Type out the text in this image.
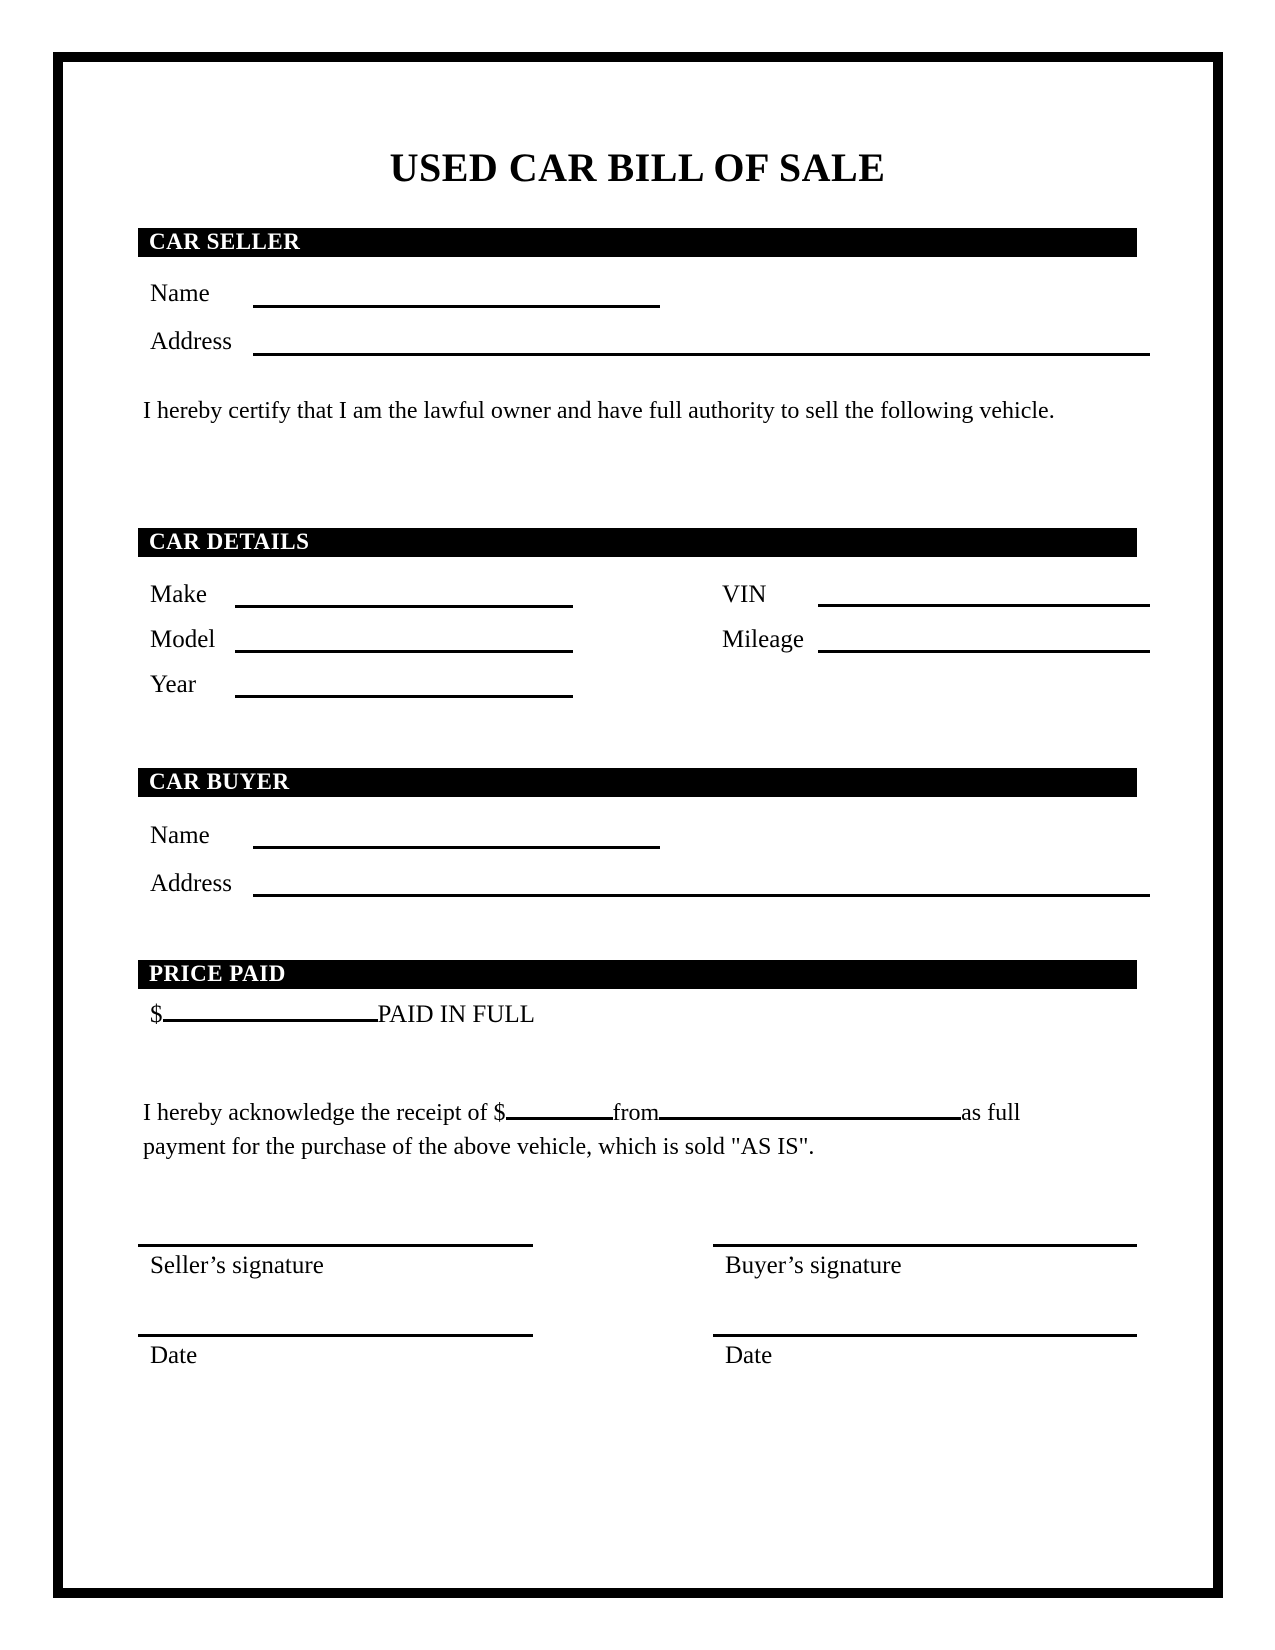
USED CAR BILL OF SALE
CAR SELLER
Name
Address
I hereby certify that I am the lawful owner and have full authority to sell the following vehicle.
CAR DETAILS
Make
Model
Year
VIN
Mileage
CAR BUYER
Name
Address
PRICE PAID
$	PAID IN FULL
I hereby acknowledge the receipt of $	from	as full payment for the purchase of the above vehicle, which is sold "AS IS".
Seller’s signature	Buyer’s signature
Date	Date
